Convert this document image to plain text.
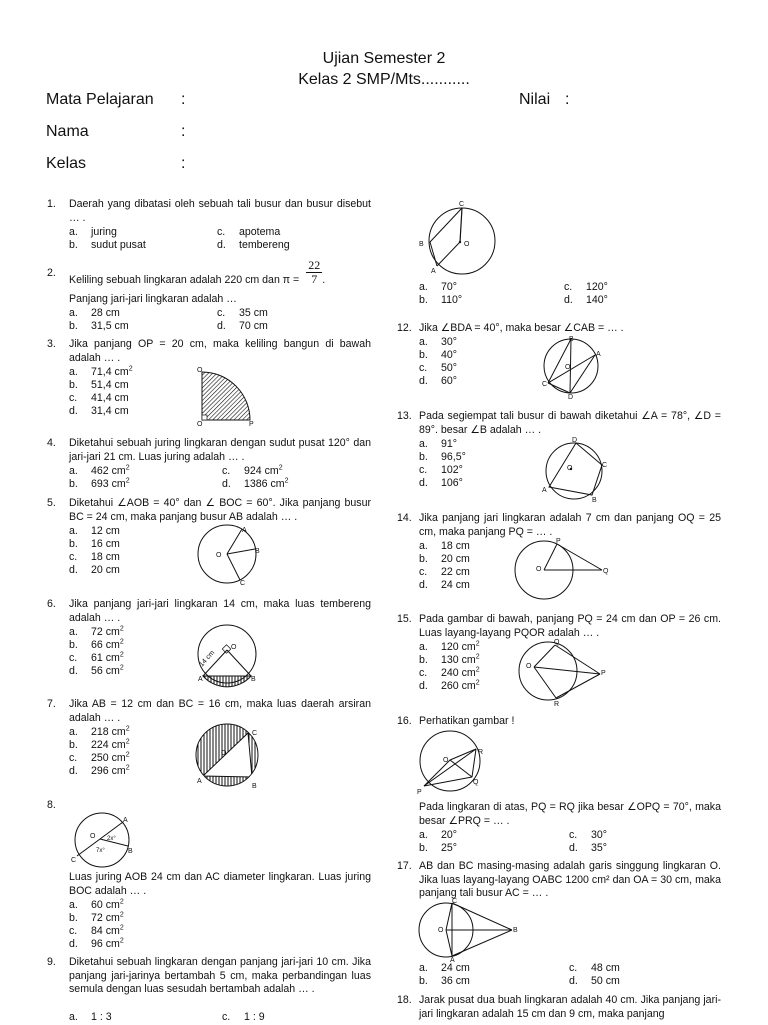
Ujian Semester 2
Kelas 2 SMP/Mts...........
Mata Pelajaran :	Nilai :
Nama	:
Kelas	:
1. Daerah yang dibatasi oleh sebuah tali busur dan busur disebut … .
a. juring
b. sudut pusat
c. apotema
d. tembereng
2.
Keliling sebuah lingkaran adalah 220 cm dan $\pi = \frac{22}{7}$ .
Panjang jari-jari lingkaran adalah …
a. 28 cm
b. 31,5 cm
c. 35 cm
d. 70 cm
3. Jika panjang OP = 20 cm, maka keliling bangun di bawah adalah … .
a. 71,4 $cm^2$
b. 51,4 cm
c. 41,4 cm
d. 31,4 cm
O
O	P
4. Diketahui sebuah juring lingkaran dengan sudut pusat 120° dan jari-jari 21 cm. Luas juring adalah … .
a. 462 $cm^2$
b. 693 $cm^2$
c. 924 $cm^2$
d. 1386 $cm^2$
5. Diketahui ∠AOB = 40° dan ∠ BOC = 60°. Jika panjang busur BC = 24 cm, maka panjang busur AB adalah … .
a. 12 cm
b. 16 cm
c. 18 cm
d. 20 cm
O
A
B
C
6. Jika panjang jari-jari lingkaran 14 cm, maka luas tembereng adalah … .
a. 72 $cm^2$
b. 66 $cm^2$
c. 61 $cm^2$
d. 56 $cm^2$
O
A	B
14 cm
7. Jika AB = 12 cm dan BC = 16 cm, maka luas daerah arsiran adalah … .
a. 218 $cm^2$
b. 224 $cm^2$
c. 250 $cm^2$
d. 296 $cm^2$
O
A
B
C
8.
Luas juring AOB 24 cm dan AC diameter lingkaran. Luas juring BOC adalah … .
a. 60 $cm^2$
b. 72 $cm^2$
c. 84 $cm^2$
d. 96 $cm^2$
O
A
B
C
2x°
7x°
9. Diketahui sebuah lingkaran dengan panjang jari-jari 10 cm. Jika panjang jari-jarinya bertambah 5 cm, maka perbandingan luas semula dengan luas sesudah bertambah adalah … .
a. 1 : 3	c. 1 : 9
C
B	O
A
a. 70°
b. 110°
c. 120°
d. 140°
12. Jika ∠BDA = 40°, maka besar ∠CAB = … .
a. 30°
b. 40°
c. 50°
d. 60°
B
A
C
D
O
13. Pada segiempat tali busur di bawah diketahui ∠A = 78°, ∠D = 89°. besar ∠B adalah … .
a. 91°
b. 96,5°
c. 102°
d. 106°
D
C
B
A
O
14. Jika panjang jari lingkaran adalah 7 cm dan panjang OQ = 25 cm, maka panjang PQ = … .
a. 18 cm
b. 20 cm
c. 22 cm
d. 24 cm
O
P
Q
15. Pada gambar di bawah, panjang PQ = 24 cm dan OP = 26 cm. Luas layang-layang PQOR adalah … .
a. 120 $cm^2$
b. 130 $cm^2$
c. 240 $cm^2$
d. 260 $cm^2$
O
Q
P
R
16. Perhatikan gambar !
Pada lingkaran di atas, PQ = RQ jika besar ∠OPQ = 70°, maka besar ∠PRQ = … .
a. 20°
b. 25°
c. 30°
d. 35°
O
R
Q
P
17. AB dan BC masing-masing adalah garis singgung lingkaran O. Jika luas layang-layang OABC 1200 cm² dan OA = 30 cm, maka panjang tali busur AC = … .
a. 24 cm
b. 36 cm
c. 48 cm
d. 50 cm
O
C
B
A
18. Jarak pusat dua buah lingkaran adalah 40 cm. Jika panjang jari-jari lingkaran adalah 15 cm dan 9 cm, maka panjang
